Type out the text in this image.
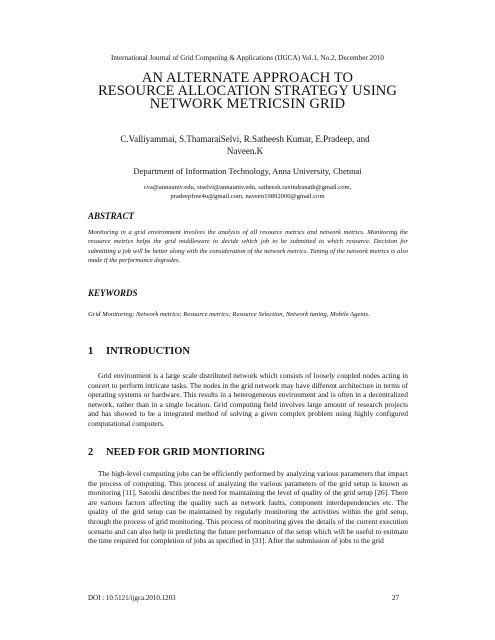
International Journal of Grid Computing & Applications (IJGCA) Vol.1, No.2, December 2010
AN ALTERNATE APPROACH TO
RESOURCE ALLOCATION STRATEGY USING
NETWORK METRICSIN GRID
C.Valliyammai, S.ThamaraiSelvi, R.Satheesh Kumar, E.Pradeep, and
Naveen.K
Department of Information Technology, Anna University, Chennai
cva@annauniv.edu, stselvi@annauniv.edu, satheesh.ravindranath@gmail.com,
pradeepfree4u@gmail.com, naveen19892000@gmail.com
ABSTRACT
Monitoring in a grid environment involves the analysis of all resource metrics and network metrics. Monitoring the resource metrics helps the grid middleware to decide which job to be submitted to which resource. Decision for submitting a job will be better along with the consideration of the network metrics. Tuning of the network metrics is also made if the performance degrades.
KEYWORDS
Grid Monitoring; Network metrics; Resource metrics; Resource Selection, Network tuning, Mobile Agents.
1 INTRODUCTION
Grid environment is a large scale distributed network which consists of loosely coupled nodes acting in concert to perform intricate tasks. The nodes in the grid network may have different architecture in terms of operating systems or hardware. This results in a heterogeneous environment and is often in a decentralized network, rather than in a single location. Grid computing field involves large amount of research projects and has showed to be a integrated method of solving a given complex problem using highly configured computational computers.
2 NEED FOR GRID MONTIORING
The high-level computing jobs can be efficiently performed by analyzing various parameters that impact the process of computing. This process of analyzing the various parameters of the grid setup is known as monitoring [11]. Satoshi describes the need for maintaining the level of quality of the grid setup [26]. There are various factors affecting the quality such as network faults, component interdependencies etc. The quality of the grid setup can be maintained by regularly monitoring the activities within the grid setup, through the process of grid monitoring. This process of monitoring gives the details of the current execution scenario and can also help in predicting the future performance of the setup which will be useful to estimate the time required for completion of jobs as specified in [31]. After the submission of jobs to the grid
DOI : 10.5121/ijgca.2010.1203	27
